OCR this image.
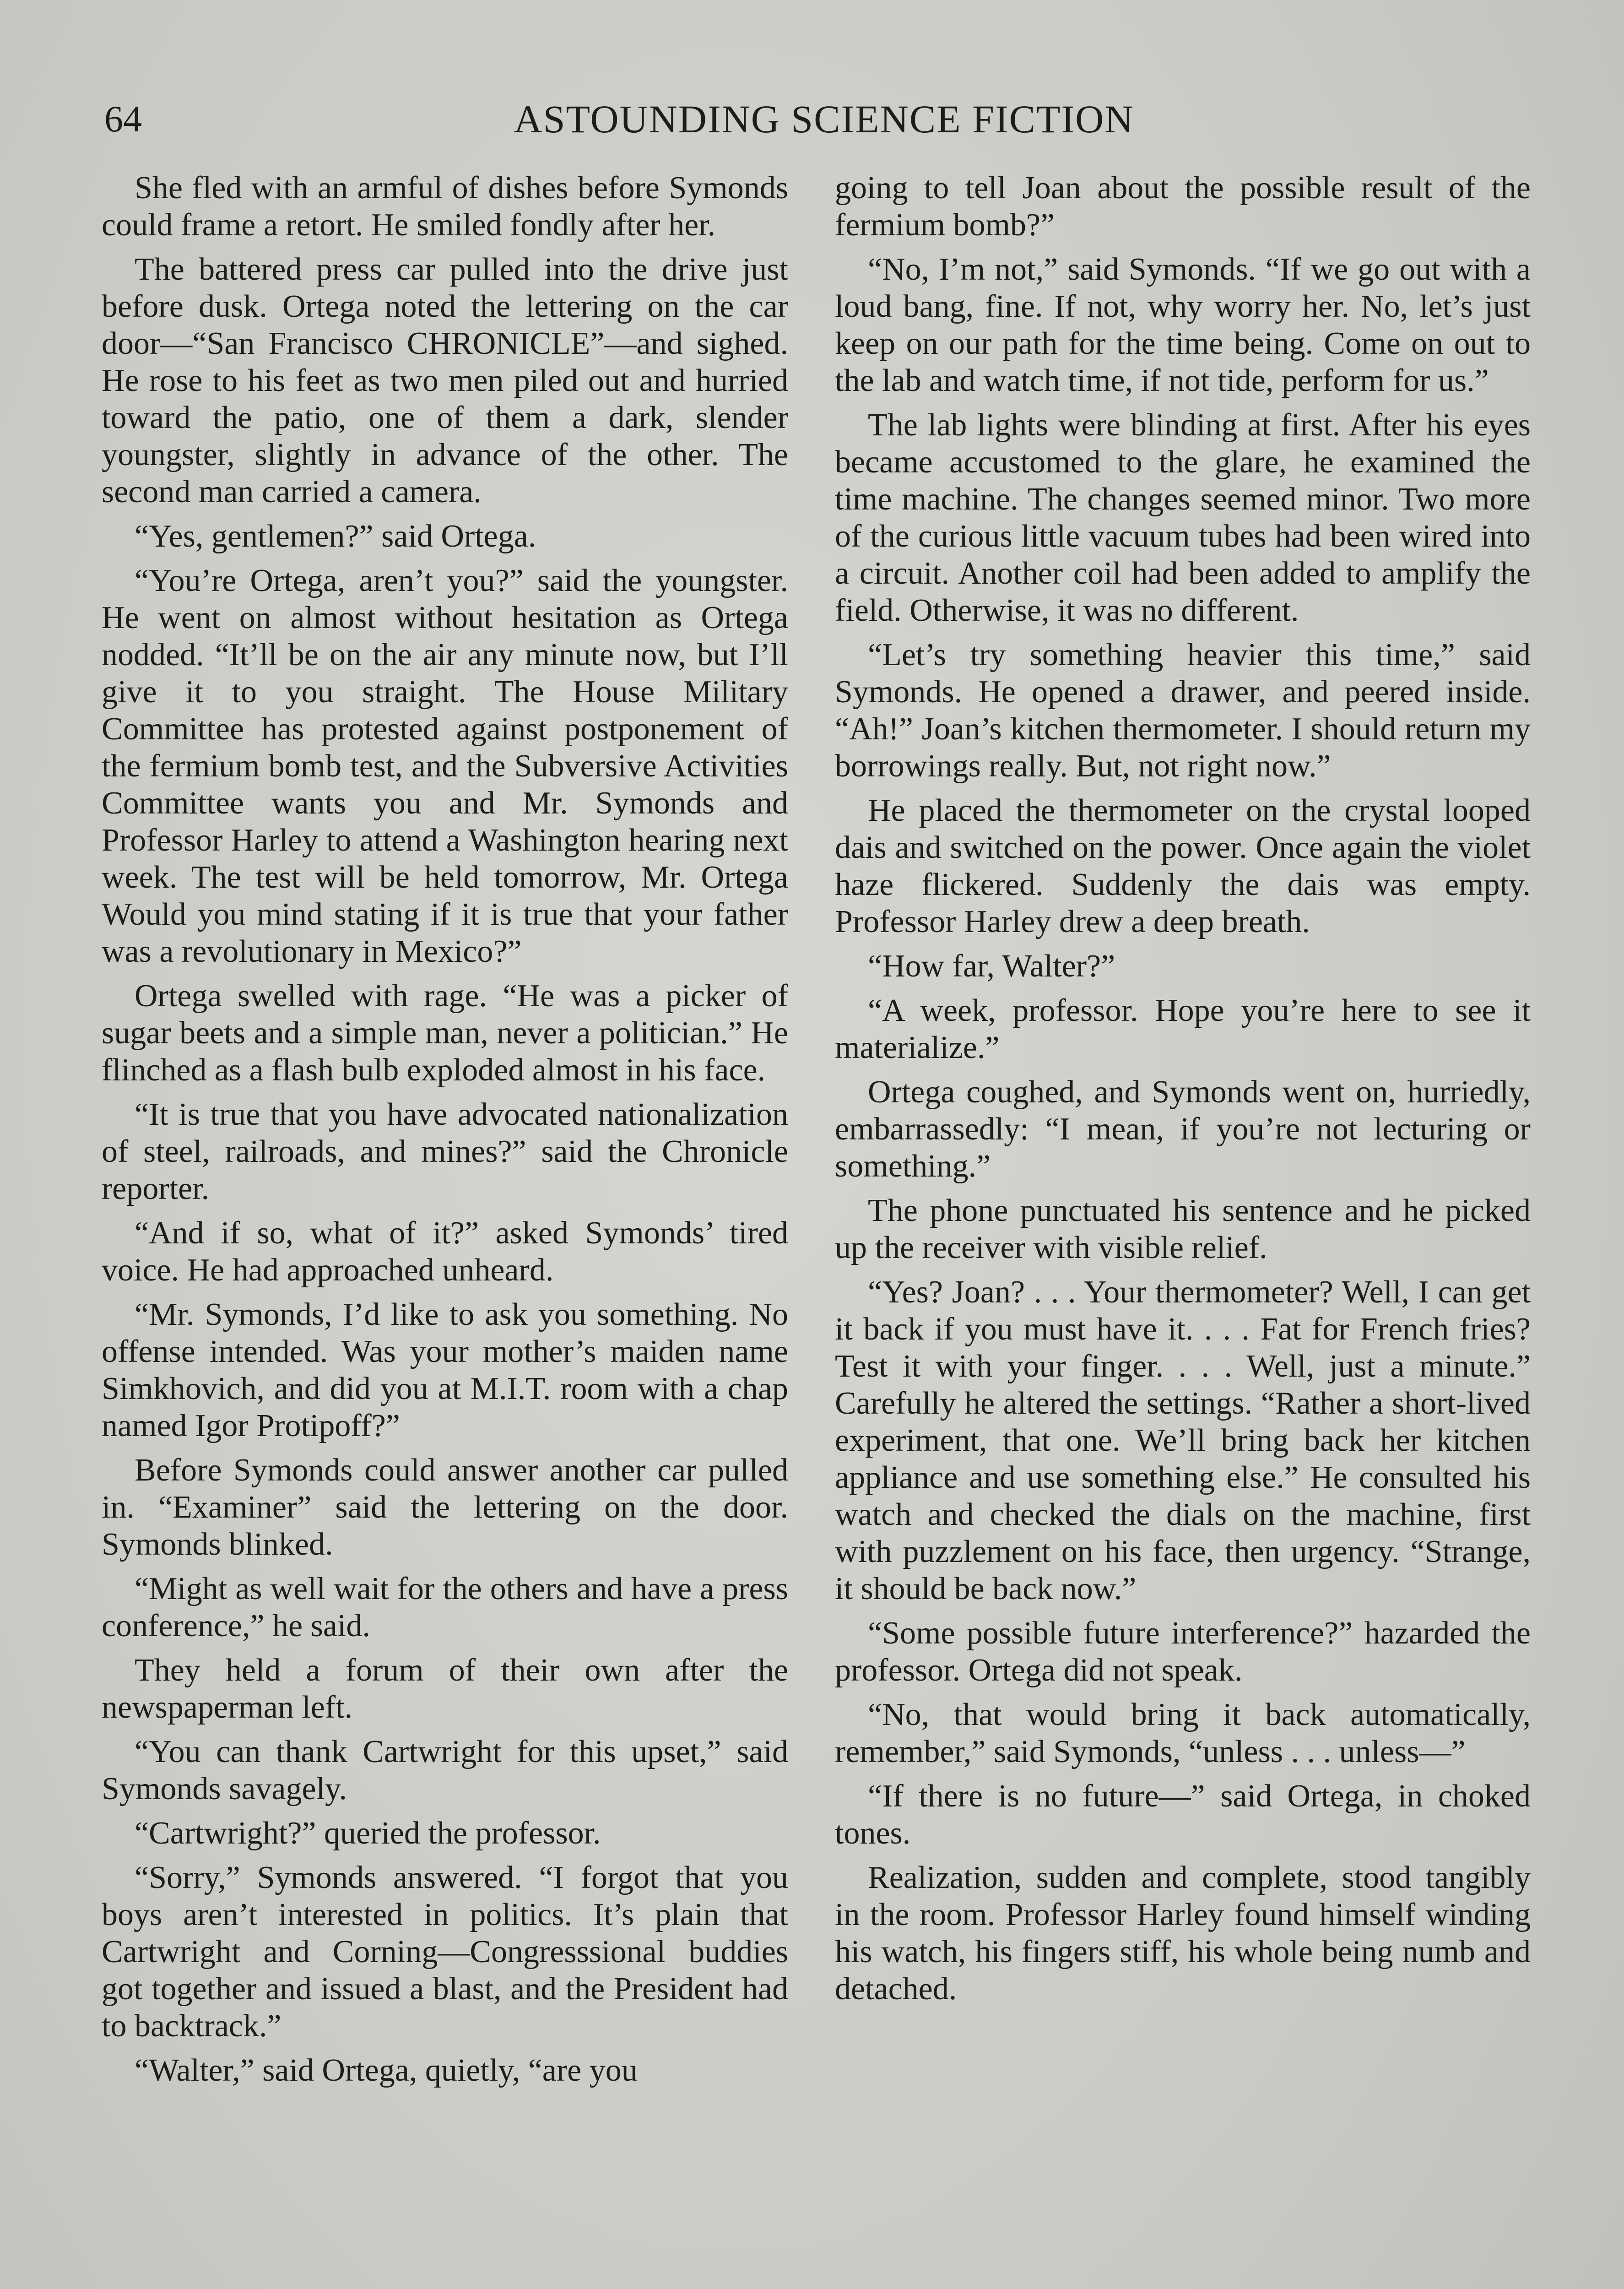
64	ASTOUNDING SCIENCE FICTION

She fled with an armful of dishes before Symonds could frame a retort. He smiled fondly after her.

The battered press car pulled into the drive just before dusk. Ortega noted the lettering on the car door—“San Francisco CHRONICLE”—and sighed. He rose to his feet as two men piled out and hurried toward the patio, one of them a dark, slender youngster, slightly in advance of the other. The second man carried a camera.

“Yes, gentlemen?” said Ortega.

“You’re Ortega, aren’t you?” said the youngster. He went on almost without hesitation as Ortega nodded. “It’ll be on the air any minute now, but I’ll give it to you straight. The House Military Committee has protested against postponement of the fermium bomb test, and the Subversive Activities Committee wants you and Mr. Symonds and Professor Harley to attend a Washington hearing next week. The test will be held tomorrow, Mr. Ortega Would you mind stating if it is true that your father was a revolutionary in Mexico?”

Ortega swelled with rage. “He was a picker of sugar beets and a simple man, never a politician.” He flinched as a flash bulb exploded almost in his face.

“It is true that you have advocated nationalization of steel, railroads, and mines?” said the Chronicle reporter.

“And if so, what of it?” asked Symonds’ tired voice. He had approached unheard.

“Mr. Symonds, I’d like to ask you something. No offense intended. Was your mother’s maiden name Simkhovich, and did you at M.I.T. room with a chap named Igor Protipoff?”

Before Symonds could answer another car pulled in. “Examiner” said the lettering on the door. Symonds blinked.

“Might as well wait for the others and have a press conference,” he said.

They held a forum of their own after the newspaperman left.

“You can thank Cartwright for this upset,” said Symonds savagely.

“Cartwright?” queried the professor.

“Sorry,” Symonds answered. “I forgot that you boys aren’t interested in politics. It’s plain that Cartwright and Corning—Congresssional buddies got together and issued a blast, and the President had to backtrack.”

“Walter,” said Ortega, quietly, “are you

going to tell Joan about the possible result of the fermium bomb?”

“No, I’m not,” said Symonds. “If we go out with a loud bang, fine. If not, why worry her. No, let’s just keep on our path for the time being. Come on out to the lab and watch time, if not tide, perform for us.”

The lab lights were blinding at first. After his eyes became accustomed to the glare, he examined the time machine. The changes seemed minor. Two more of the curious little vacuum tubes had been wired into a circuit. Another coil had been added to amplify the field. Otherwise, it was no different.

“Let’s try something heavier this time,” said Symonds. He opened a drawer, and peered inside. “Ah!” Joan’s kitchen thermometer. I should return my borrowings really. But, not right now.”

He placed the thermometer on the crystal looped dais and switched on the power. Once again the violet haze flickered. Suddenly the dais was empty. Professor Harley drew a deep breath.

“How far, Walter?”

“A week, professor. Hope you’re here to see it materialize.”

Ortega coughed, and Symonds went on, hurriedly, embarrassedly: “I mean, if you’re not lecturing or something.”

The phone punctuated his sentence and he picked up the receiver with visible relief.

“Yes? Joan? . . . Your thermometer? Well, I can get it back if you must have it. . . . Fat for French fries? Test it with your finger. . . . Well, just a minute.” Carefully he altered the settings. “Rather a short-lived experiment, that one. We’ll bring back her kitchen appliance and use something else.” He consulted his watch and checked the dials on the machine, first with puzzlement on his face, then urgency. “Strange, it should be back now.”

“Some possible future interference?” hazarded the professor. Ortega did not speak.

“No, that would bring it back automatically, remember,” said Symonds, “unless . . . unless—”

“If there is no future—” said Ortega, in choked tones.

Realization, sudden and complete, stood tangibly in the room. Professor Harley found himself winding his watch, his fingers stiff, his whole being numb and detached.
